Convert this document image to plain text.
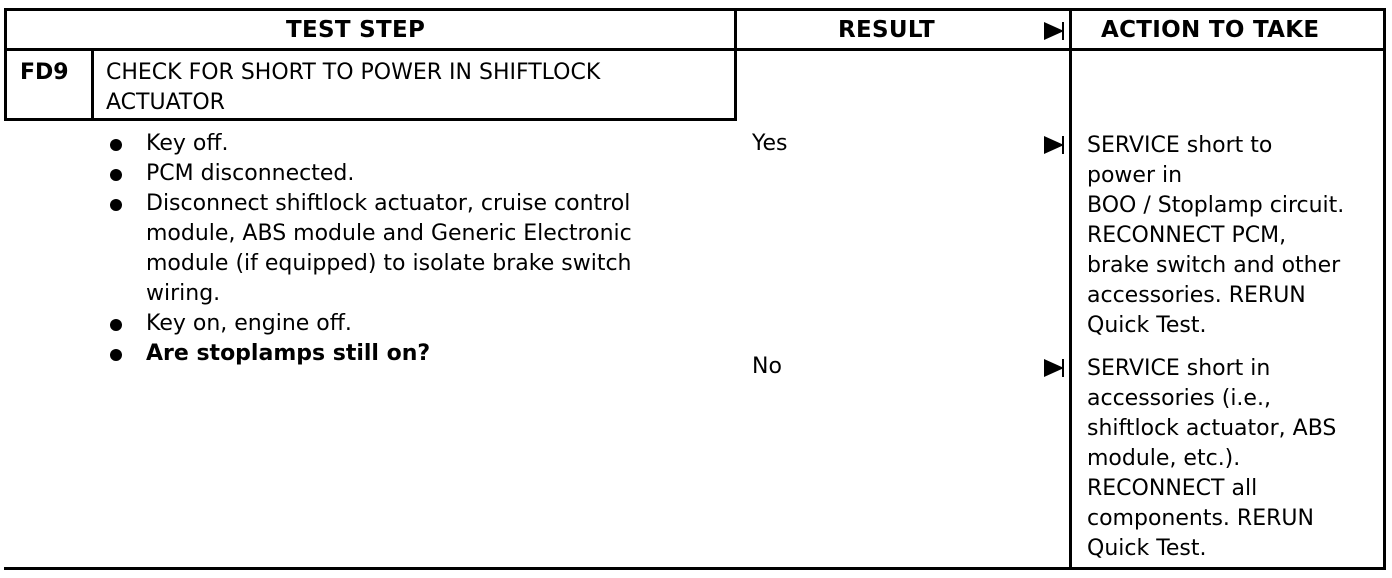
TEST STEP	RESULT	ACTION TO TAKE
FD9 CHECK FOR SHORT TO POWER IN SHIFTLOCK
ACTUATOR
Key off.
PCM disconnected.
Disconnect shiftlock actuator, cruise control
module, ABS module and Generic Electronic
module (if equipped) to isolate brake switch
wiring.
Key on, engine off.
Are stoplamps still on?
Yes	SERVICE short to
power in
BOO / Stoplamp circuit.
RECONNECT PCM,
brake switch and other
accessories. RERUN
Quick Test.
No	SERVICE short in
accessories (i.e.,
shiftlock actuator, ABS
module, etc.).
RECONNECT all
components. RERUN
Quick Test.
